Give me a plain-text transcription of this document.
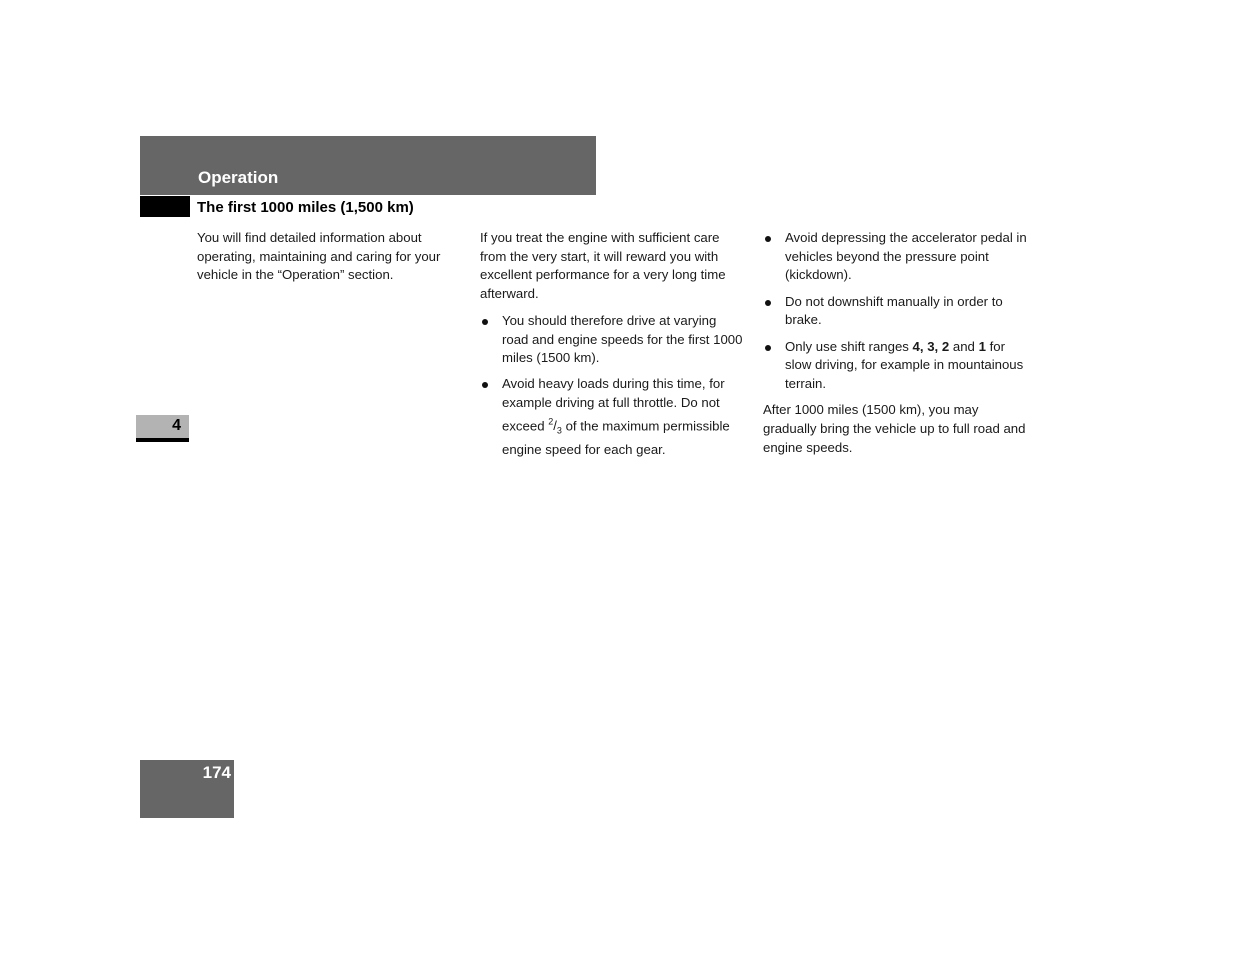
Operation
The first 1000 miles (1,500 km)

You will find detailed information about operating, maintaining and caring for your vehicle in the “Operation” section.

If you treat the engine with sufficient care from the very start, it will reward you with excellent performance for a very long time afterward.

You should therefore drive at varying road and engine speeds for the first 1000 miles (1500 km).
Avoid heavy loads during this time, for example driving at full throttle. Do not exceed $^2/_3$ of the maximum permissible engine speed for each gear.
Avoid depressing the accelerator pedal in vehicles beyond the pressure point (kickdown).
Do not downshift manually in order to brake.
Only use shift ranges 4, 3, 2 and 1 for slow driving, for example in mountainous terrain.

After 1000 miles (1500 km), you may gradually bring the vehicle up to full road and engine speeds.

4
174
